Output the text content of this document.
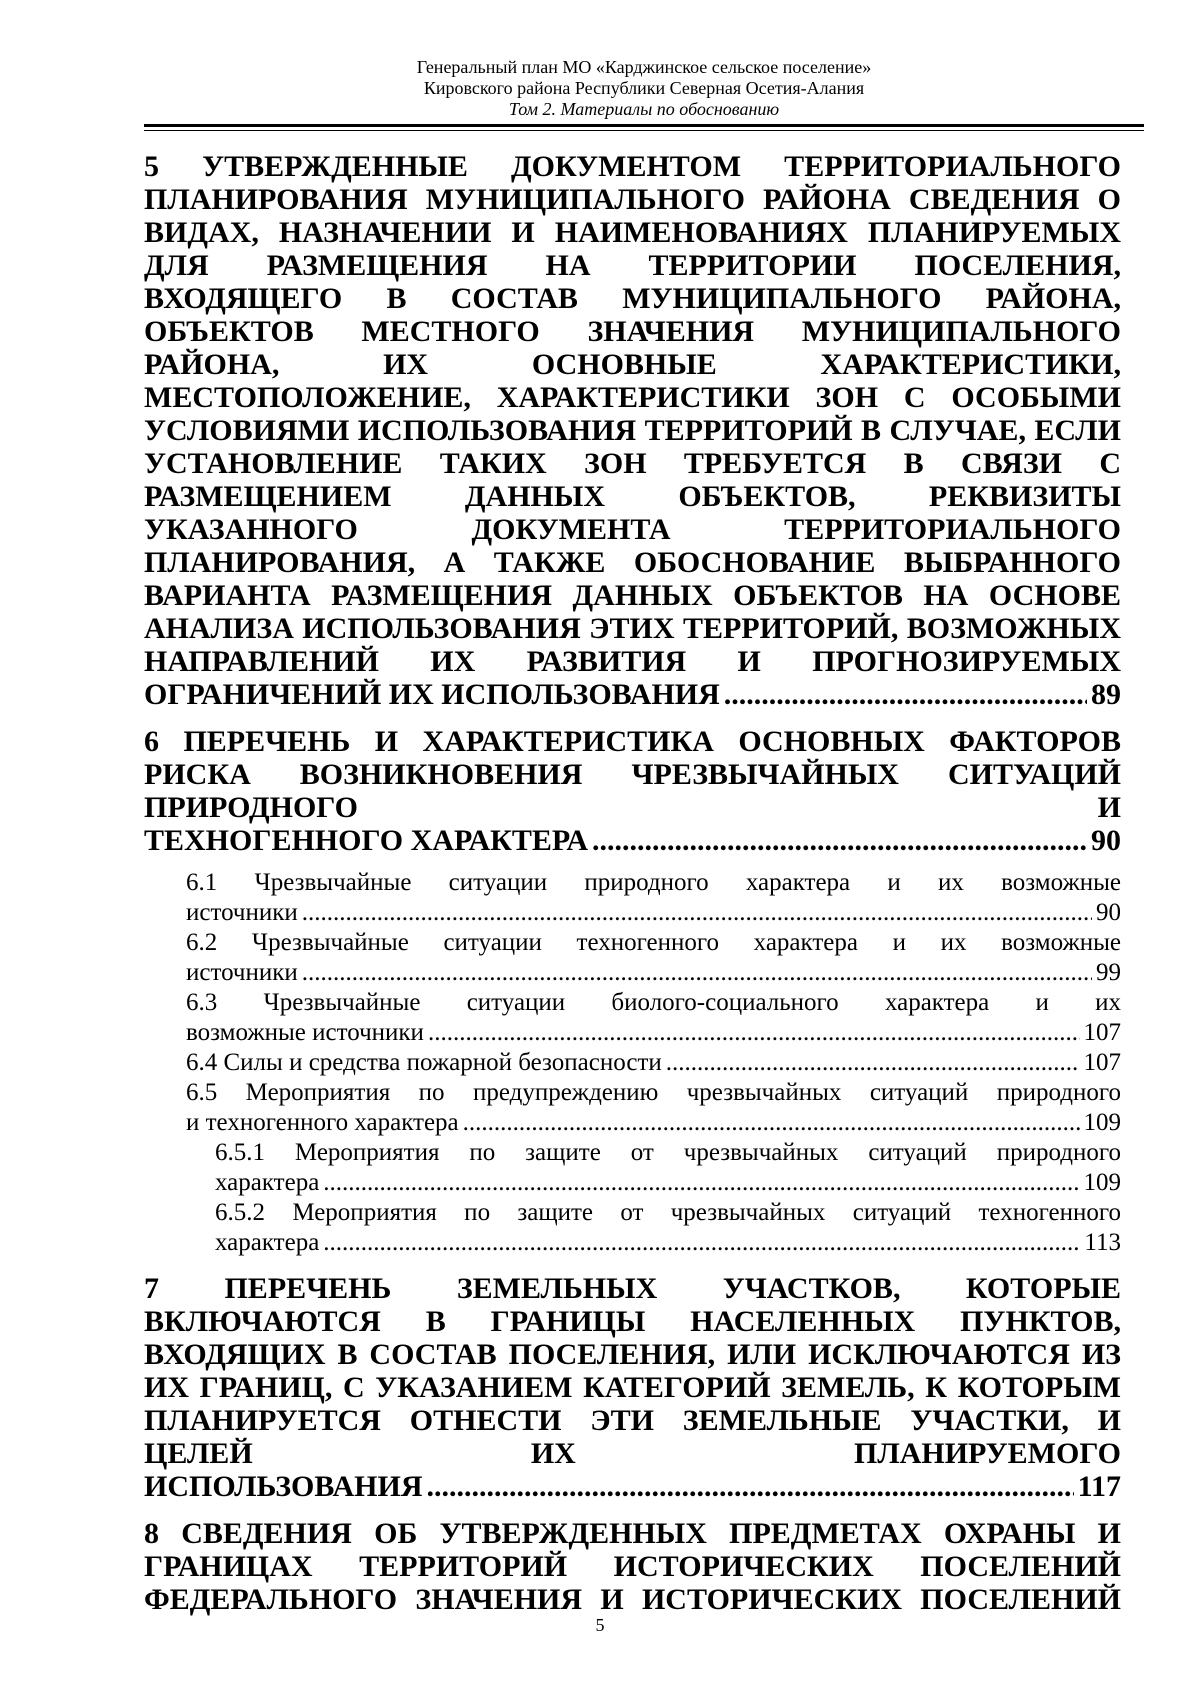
Генеральный план МО «Карджинское сельское поселение»
Кировского района Республики Северная Осетия-Алания
Том 2. Материалы по обоснованию
5 УТВЕРЖДЕННЫЕ ДОКУМЕНТОМ ТЕРРИТОРИАЛЬНОГО ПЛАНИРОВАНИЯ МУНИЦИПАЛЬНОГО РАЙОНА СВЕДЕНИЯ О ВИДАХ, НАЗНАЧЕНИИ И НАИМЕНОВАНИЯХ ПЛАНИРУЕМЫХ ДЛЯ РАЗМЕЩЕНИЯ НА ТЕРРИТОРИИ ПОСЕЛЕНИЯ, ВХОДЯЩЕГО В СОСТАВ МУНИЦИПАЛЬНОГО РАЙОНА, ОБЪЕКТОВ МЕСТНОГО ЗНАЧЕНИЯ МУНИЦИПАЛЬНОГО РАЙОНА, ИХ ОСНОВНЫЕ ХАРАКТЕРИСТИКИ, МЕСТОПОЛОЖЕНИЕ, ХАРАКТЕРИСТИКИ ЗОН С ОСОБЫМИ УСЛОВИЯМИ ИСПОЛЬЗОВАНИЯ ТЕРРИТОРИЙ В СЛУЧАЕ, ЕСЛИ УСТАНОВЛЕНИЕ ТАКИХ ЗОН ТРЕБУЕТСЯ В СВЯЗИ С РАЗМЕЩЕНИЕМ ДАННЫХ ОБЪЕКТОВ, РЕКВИЗИТЫ УКАЗАННОГО ДОКУМЕНТА ТЕРРИТОРИАЛЬНОГО ПЛАНИРОВАНИЯ, А ТАКЖЕ ОБОСНОВАНИЕ ВЫБРАННОГО ВАРИАНТА РАЗМЕЩЕНИЯ ДАННЫХ ОБЪЕКТОВ НА ОСНОВЕ АНАЛИЗА ИСПОЛЬЗОВАНИЯ ЭТИХ ТЕРРИТОРИЙ, ВОЗМОЖНЫХ НАПРАВЛЕНИЙ ИХ РАЗВИТИЯ И ПРОГНОЗИРУЕМЫХ
ОГРАНИЧЕНИЙ ИХ ИСПОЛЬЗОВАНИЯ .....	89
6 ПЕРЕЧЕНЬ И ХАРАКТЕРИСТИКА ОСНОВНЫХ ФАКТОРОВ РИСКА ВОЗНИКНОВЕНИЯ ЧРЕЗВЫЧАЙНЫХ СИТУАЦИЙ ПРИРОДНОГО И
ТЕХНОГЕННОГО ХАРАКТЕРА .....	90
6.1 Чрезвычайные ситуации природного характера и их возможные
источники .....	90
6.2 Чрезвычайные ситуации техногенного характера и их возможные
источники .....	99
6.3 Чрезвычайные ситуации биолого-социального характера и их
возможные источники .....	107
6.4 Силы и средства пожарной безопасности .....	107
6.5 Мероприятия по предупреждению чрезвычайных ситуаций природного
и техногенного характера .....	109
6.5.1 Мероприятия по защите от чрезвычайных ситуаций природного
характера .....	109
6.5.2 Мероприятия по защите от чрезвычайных ситуаций техногенного
характера .....	113
7 ПЕРЕЧЕНЬ ЗЕМЕЛЬНЫХ УЧАСТКОВ, КОТОРЫЕ ВКЛЮЧАЮТСЯ В ГРАНИЦЫ НАСЕЛЕННЫХ ПУНКТОВ, ВХОДЯЩИХ В СОСТАВ ПОСЕЛЕНИЯ, ИЛИ ИСКЛЮЧАЮТСЯ ИЗ ИХ ГРАНИЦ, С УКАЗАНИЕМ КАТЕГОРИЙ ЗЕМЕЛЬ, К КОТОРЫМ ПЛАНИРУЕТСЯ ОТНЕСТИ ЭТИ ЗЕМЕЛЬНЫЕ УЧАСТКИ, И ЦЕЛЕЙ ИХ ПЛАНИРУЕМОГО
ИСПОЛЬЗОВАНИЯ .....	117
8 СВЕДЕНИЯ ОБ УТВЕРЖДЕННЫХ ПРЕДМЕТАХ ОХРАНЫ И ГРАНИЦАХ ТЕРРИТОРИЙ ИСТОРИЧЕСКИХ ПОСЕЛЕНИЙ ФЕДЕРАЛЬНОГО ЗНАЧЕНИЯ И ИСТОРИЧЕСКИХ ПОСЕЛЕНИЙ
5
